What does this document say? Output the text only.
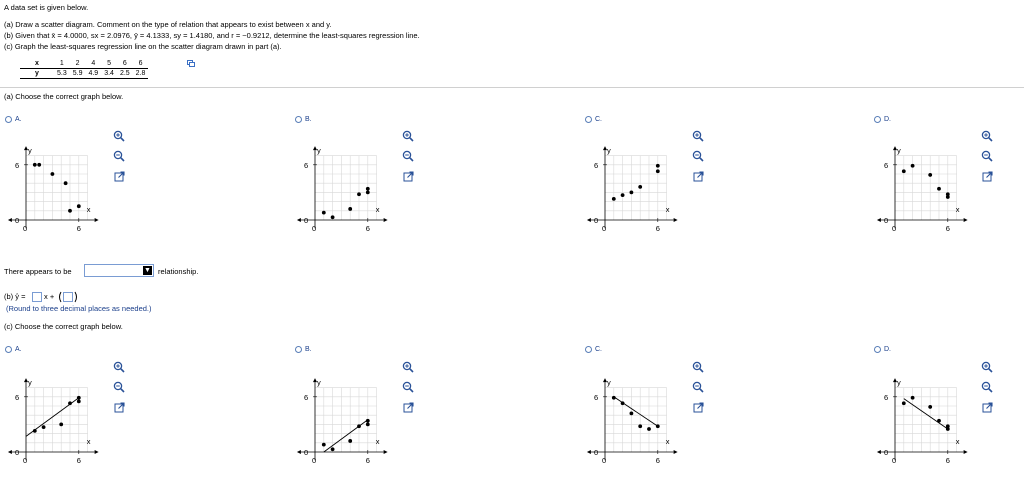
A data set is given below.
(a) Draw a scatter diagram. Comment on the type of relation that appears to exist between x and y.
(b) Given that x̄ = 4.0000, sx = 2.0976, ȳ = 4.1333, sy = 1.4180, and r = −0.9212, determine the least-squares regression line.
(c) Graph the least-squares regression line on the scatter diagram drawn in part (a).
x	1	2	4	5	6	6
y	5.3	5.9	4.9	3.4	2.5	2.8
(a) Choose the correct graph below.
A.	B.	C.	D.
0	6
0
6
x
y
0	6
0
6
x
y
0	6
0
6
x
y
0	6
0
6
x
y
There appears to be	▼ relationship.
(b) ŷ = x +
(Round to three decimal places as needed.)
(c) Choose the correct graph below.
A.	B.	C.	D.
0	6
0
6
x
y
0	6
0
6
x
y
0	6
0
6
x
y
0	6
0
6
x
y
